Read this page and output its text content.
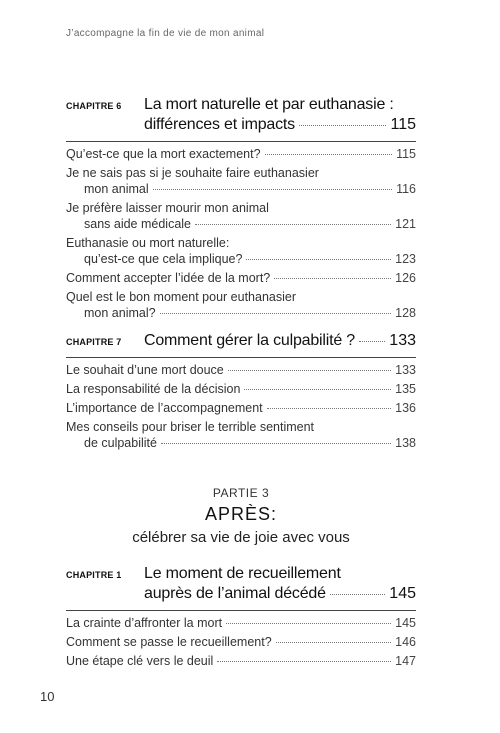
J’accompagne la fin de vie de mon animal
CHAPITRE 6	La mort naturelle et par euthanasie :
différences et impacts	115
Qu’est-ce que la mort exactement?	115
Je ne sais pas si je souhaite faire euthanasier
mon animal	116
Je préfère laisser mourir mon animal
sans aide médicale	121
Euthanasie ou mort naturelle:
qu’est-ce que cela implique?	123
Comment accepter l’idée de la mort?	126
Quel est le bon moment pour euthanasier
mon animal?	128
CHAPITRE 7	Comment gérer la culpabilité ? 133
Le souhait d’une mort douce	133
La responsabilité de la décision	135
L’importance de l’accompagnement	136
Mes conseils pour briser le terrible sentiment
de culpabilité	138
PARTIE 3
APRÈS:
célébrer sa vie de joie avec vous
CHAPITRE 1	Le moment de recueillement
auprès de l’animal décédé	145
La crainte d’affronter la mort	145
Comment se passe le recueillement?	146
Une étape clé vers le deuil	147
10
